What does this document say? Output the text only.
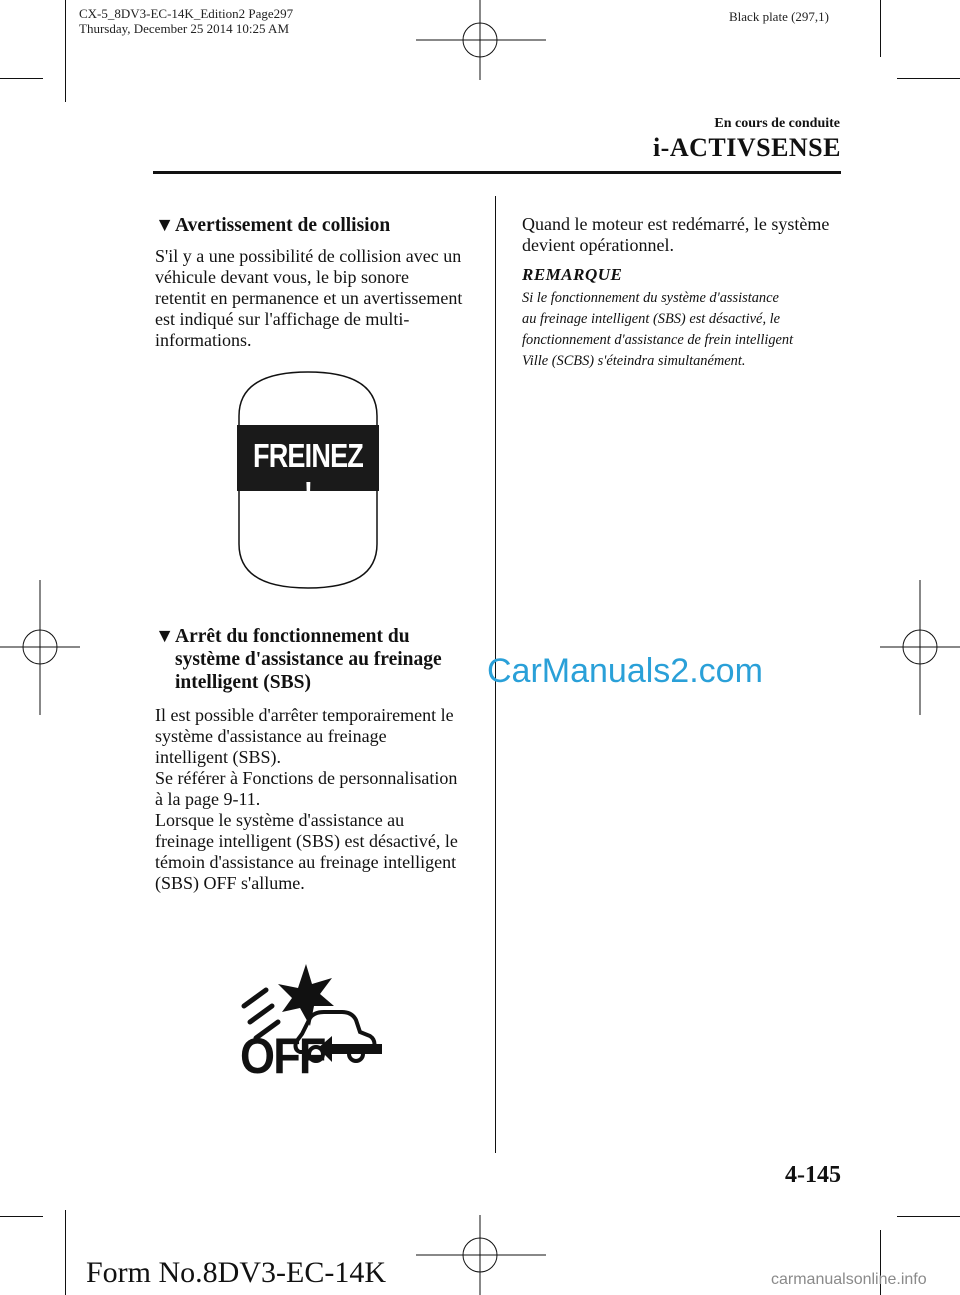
CX-5_8DV3-EC-14K_Edition2 Page297
Thursday, December 25 2014 10:25 AM
Black plate (297,1)
En cours de conduite
i-ACTIVSENSE
▼Avertissement de collision
S'il y a une possibilité de collision avec un
véhicule devant vous, le bip sonore
retentit en permanence et un avertissement
est indiqué sur l'affichage de multi-
informations.
FREINEZ !
▼Arrêt du fonctionnement du
système d'assistance au freinage
intelligent (SBS)
Il est possible d'arrêter temporairement le
système d'assistance au freinage
intelligent (SBS).
Se référer à Fonctions de personnalisation
à la page 9-11.
Lorsque le système d'assistance au
freinage intelligent (SBS) est désactivé, le
témoin d'assistance au freinage intelligent
(SBS) OFF s'allume.
OFF
Quand le moteur est redémarré, le système
devient opérationnel.
REMARQUE
Si le fonctionnement du système d'assistance
au freinage intelligent (SBS) est désactivé, le
fonctionnement d'assistance de frein intelligent
Ville (SCBS) s'éteindra simultanément.
CarManuals2.com
carmanualsonline.info
4-145
Form No.8DV3-EC-14K
